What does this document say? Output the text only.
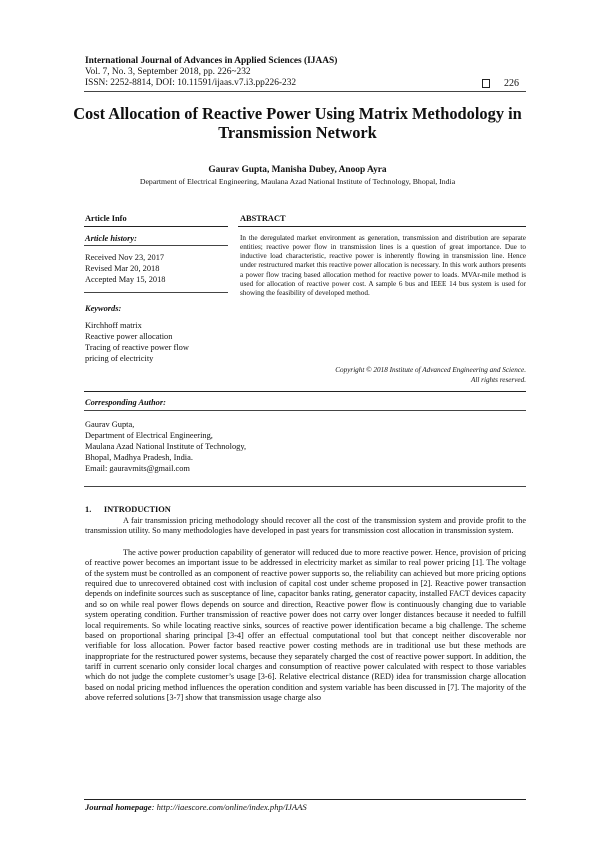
International Journal of Advances in Applied Sciences (IJAAS)
Vol. 7, No. 3, September 2018, pp. 226~232
ISSN: 2252-8814, DOI: 10.11591/ijaas.v7.i3.pp226-232	226
Cost Allocation of Reactive Power Using Matrix Methodology in Transmission Network
Gaurav Gupta, Manisha Dubey, Anoop Ayra
Department of Electrical Engineering, Maulana Azad National Institute of Technology, Bhopal, India
Article Info	ABSTRACT
Article history:
Received Nov 23, 2017
Revised Mar 20, 2018
Accepted May 15, 2018
Keywords:
Kirchhoff matrix
Reactive power allocation
Tracing of reactive power flow
pricing of electricity
In the deregulated market environment as generation, transmission and distribution are separate entities; reactive power flow in transmission lines is a question of great importance. Due to inductive load characteristic, reactive power is inherently flowing in transmission line. Hence under restructured market this reactive power allocation is necessary. In this work authors presents a power flow tracing based allocation method for reactive power to loads. MVAr-mile method is used for allocation of reactive power cost. A sample 6 bus and IEEE 14 bus system is used for showing the feasibility of developed method.
Copyright © 2018 Institute of Advanced Engineering and Science.
All rights reserved.
Corresponding Author:
Gaurav Gupta,
Department of Electrical Engineering,
Maulana Azad National Institute of Technology,
Bhopal, Madhya Pradesh, India.
Email: gauravmits@gmail.com
1.      INTRODUCTION
A fair transmission pricing methodology should recover all the cost of the transmission system and provide profit to the transmission utility. So many methodologies have developed in past years for transmission cost allocation in transmission system.
The active power production capability of generator will reduced due to more reactive power. Hence, provision of pricing of reactive power becomes an important issue to be addressed in electricity market as similar to real power pricing [1]. The voltage of the system must be controlled as an component of reactive power supports so, the reliability can achieved but more pricing options required due to unrecovered obtained cost with inclusion of capital cost under scheme proposed in [2]. Reactive power transaction depends on indefinite sources such as susceptance of line, capacitor banks rating, generator capacity, installed FACT devices capacity and so on while real power flows depends on source and direction, Reactive power flow is continuously changing due to variable system operating condition. Further transmission of reactive power does not carry over longer distances because it needed to fulfill local requirements. So while locating reactive sinks, sources of reactive power identification became a big challenge. The scheme based on proportional sharing principal [3-4] offer an effectual computational tool but that concept neither discoverable nor verifiable for loss allocation. Power factor based reactive power costing methods are in traditional use but these methods are inappropriate for the restructured power systems, because they separately charged the cost of reactive power support. In addition, the tariff in current scenario only consider local charges and consumption of reactive power calculated with respect to those variables which do not judge the complete customer’s usage [3-6]. Relative electrical distance (RED) idea for transmission charge allocation based on nodal pricing method influences the operation condition and system variable has been discussed in [7]. The majority of the above referred solutions [3-7] show that transmission usage charge also
Journal homepage: http://iaescore.com/online/index.php/IJAAS
